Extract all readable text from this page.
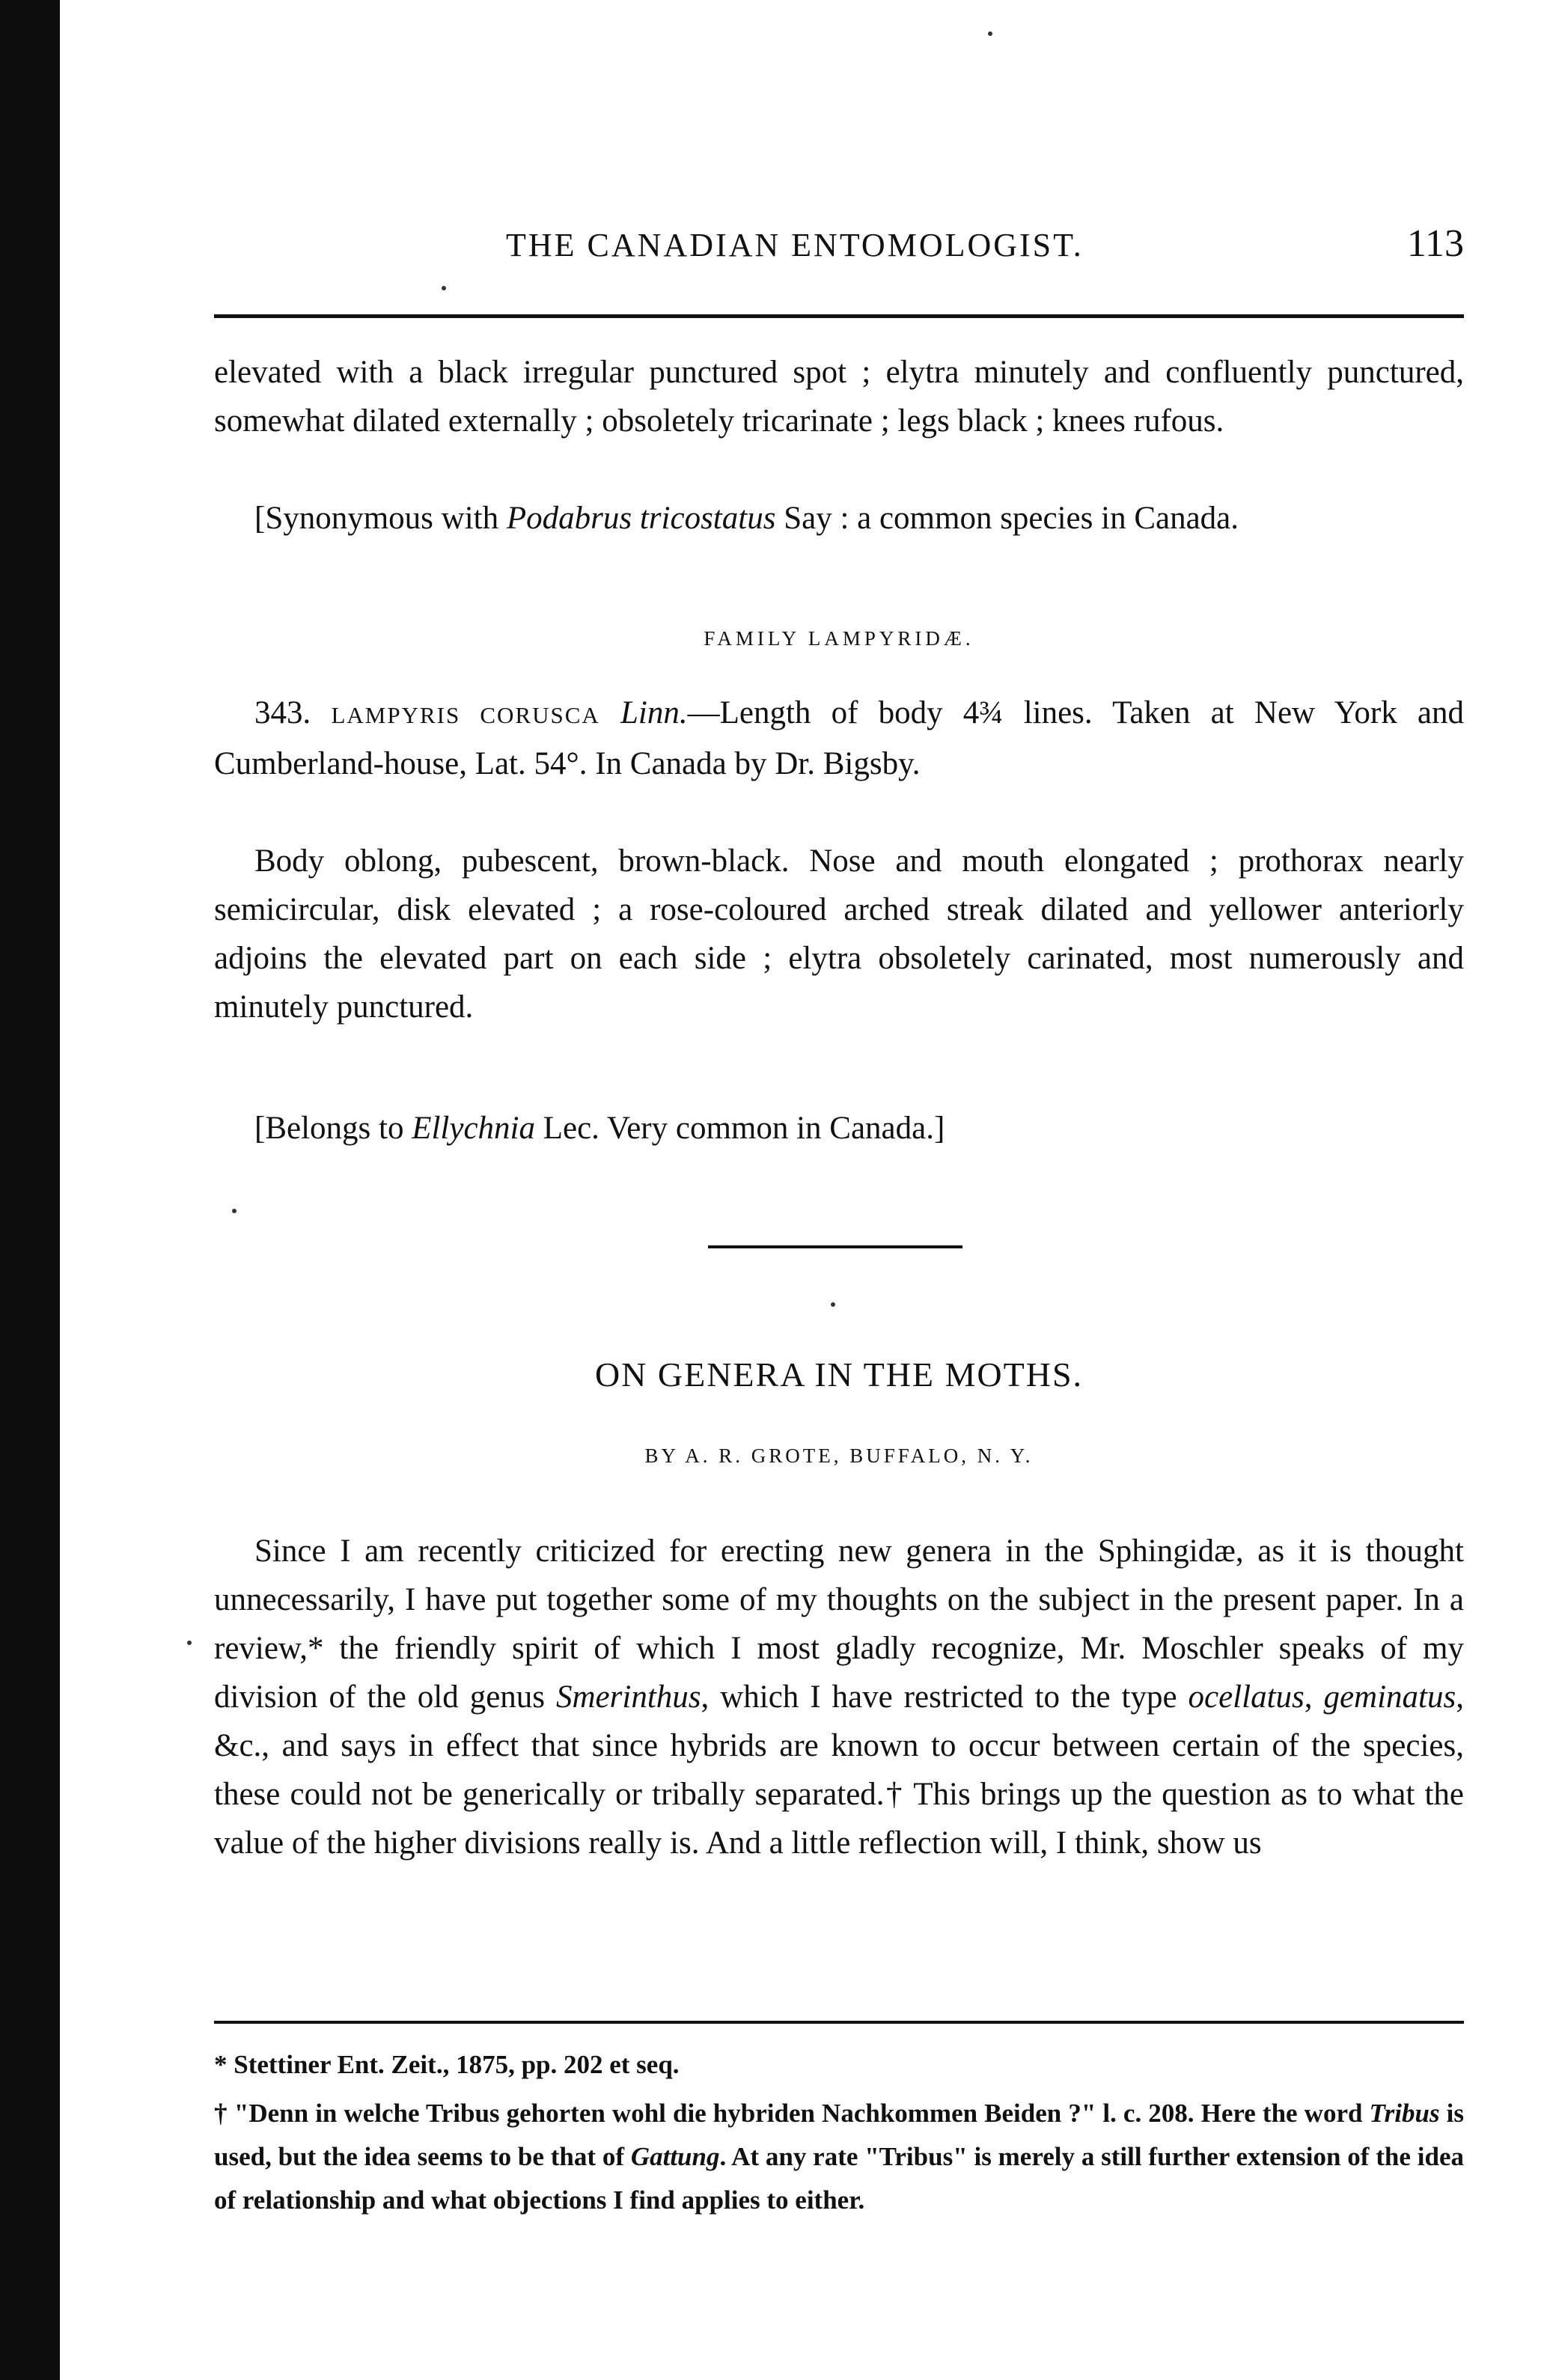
THE CANADIAN ENTOMOLOGIST.	113
elevated with a black irregular punctured spot ; elytra minutely and confluently punctured, somewhat dilated externally ; obsoletely tricarinate ; legs black ; knees rufous.
[Synonymous with Podabrus tricostatus Say : a common species in Canada.
FAMILY LAMPYRIDÆ.
343. LAMPYRIS CORUSCA Linn.—Length of body 4¾ lines. Taken at New York and Cumberland-house, Lat. 54°. In Canada by Dr. Bigsby.
Body oblong, pubescent, brown-black. Nose and mouth elongated ; prothorax nearly semicircular, disk elevated ; a rose-coloured arched streak dilated and yellower anteriorly adjoins the elevated part on each side ; elytra obsoletely carinated, most numerously and minutely punctured.
[Belongs to Ellychnia Lec. Very common in Canada.]
ON GENERA IN THE MOTHS.
BY A. R. GROTE, BUFFALO, N. Y.
Since I am recently criticized for erecting new genera in the Sphingidæ, as it is thought unnecessarily, I have put together some of my thoughts on the subject in the present paper. In a review,* the friendly spirit of which I most gladly recognize, Mr. Moschler speaks of my division of the old genus Smerinthus, which I have restricted to the type ocellatus, geminatus, &c., and says in effect that since hybrids are known to occur between certain of the species, these could not be generically or tribally separated.† This brings up the question as to what the value of the higher divisions really is. And a little reflection will, I think, show us
* Stettiner Ent. Zeit., 1875, pp. 202 et seq.
† "Denn in welche Tribus gehorten wohl die hybriden Nachkommen Beiden ?" l. c. 208. Here the word Tribus is used, but the idea seems to be that of Gattung. At any rate "Tribus" is merely a still further extension of the idea of relationship and what objections I find applies to either.
